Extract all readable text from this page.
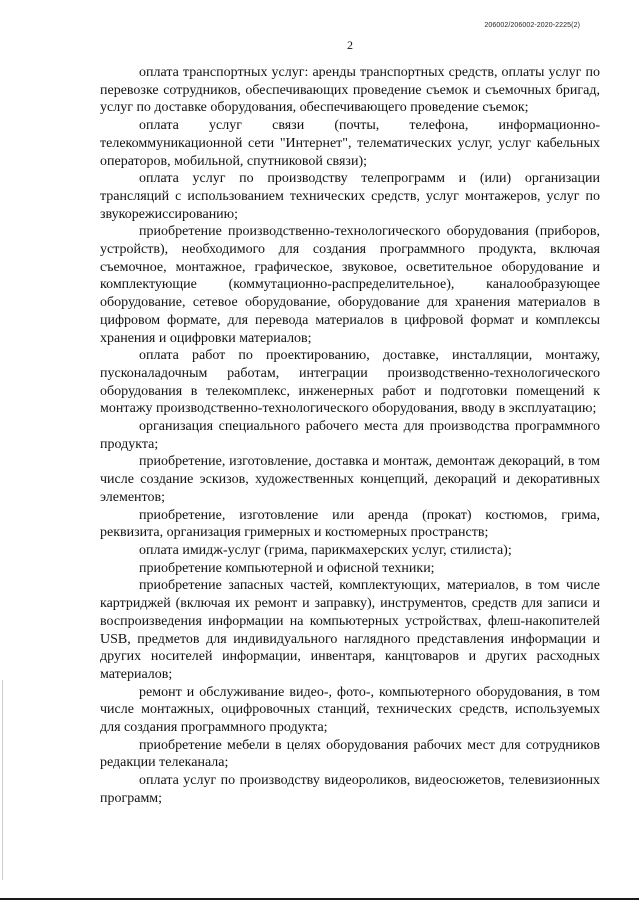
206002/206002-2020-2225(2)
2

оплата транспортных услуг: аренды транспортных средств, оплаты услуг по перевозке сотрудников, обеспечивающих проведение съемок и съемочных бригад, услуг по доставке оборудования, обеспечивающего проведение съемок;

оплата услуг связи (почты, телефона, информационно-телекоммуникационной сети "Интернет", телематических услуг, услуг кабельных операторов, мобильной, спутниковой связи);

оплата услуг по производству телепрограмм и (или) организации трансляций с использованием технических средств, услуг монтажеров, услуг по звукорежиссированию;

приобретение производственно-технологического оборудования (приборов, устройств), необходимого для создания программного продукта, включая съемочное, монтажное, графическое, звуковое, осветительное оборудование и комплектующие (коммутационно-распределительное), каналообразующее оборудование, сетевое оборудование, оборудование для хранения материалов в цифровом формате, для перевода материалов в цифровой формат и комплексы хранения и оцифровки материалов;

оплата работ по проектированию, доставке, инсталляции, монтажу, пусконаладочным работам, интеграции производственно-технологического оборудования в телекомплекс, инженерных работ и подготовки помещений к монтажу производственно-технологического оборудования, вводу в эксплуатацию;

организация специального рабочего места для производства программного продукта;

приобретение, изготовление, доставка и монтаж, демонтаж декораций, в том числе создание эскизов, художественных концепций, декораций и декоративных элементов;

приобретение, изготовление или аренда (прокат) костюмов, грима, реквизита, организация гримерных и костюмерных пространств;

оплата имидж-услуг (грима, парикмахерских услуг, стилиста);

приобретение компьютерной и офисной техники;

приобретение запасных частей, комплектующих, материалов, в том числе картриджей (включая их ремонт и заправку), инструментов, средств для записи и воспроизведения информации на компьютерных устройствах, флеш-накопителей USB, предметов для индивидуального наглядного представления информации и других носителей информации, инвентаря, канцтоваров и других расходных материалов;

ремонт и обслуживание видео-, фото-, компьютерного оборудования, в том числе монтажных, оцифровочных станций, технических средств, используемых для создания программного продукта;

приобретение мебели в целях оборудования рабочих мест для сотрудников редакции телеканала;

оплата услуг по производству видеороликов, видеосюжетов, телевизионных программ;
